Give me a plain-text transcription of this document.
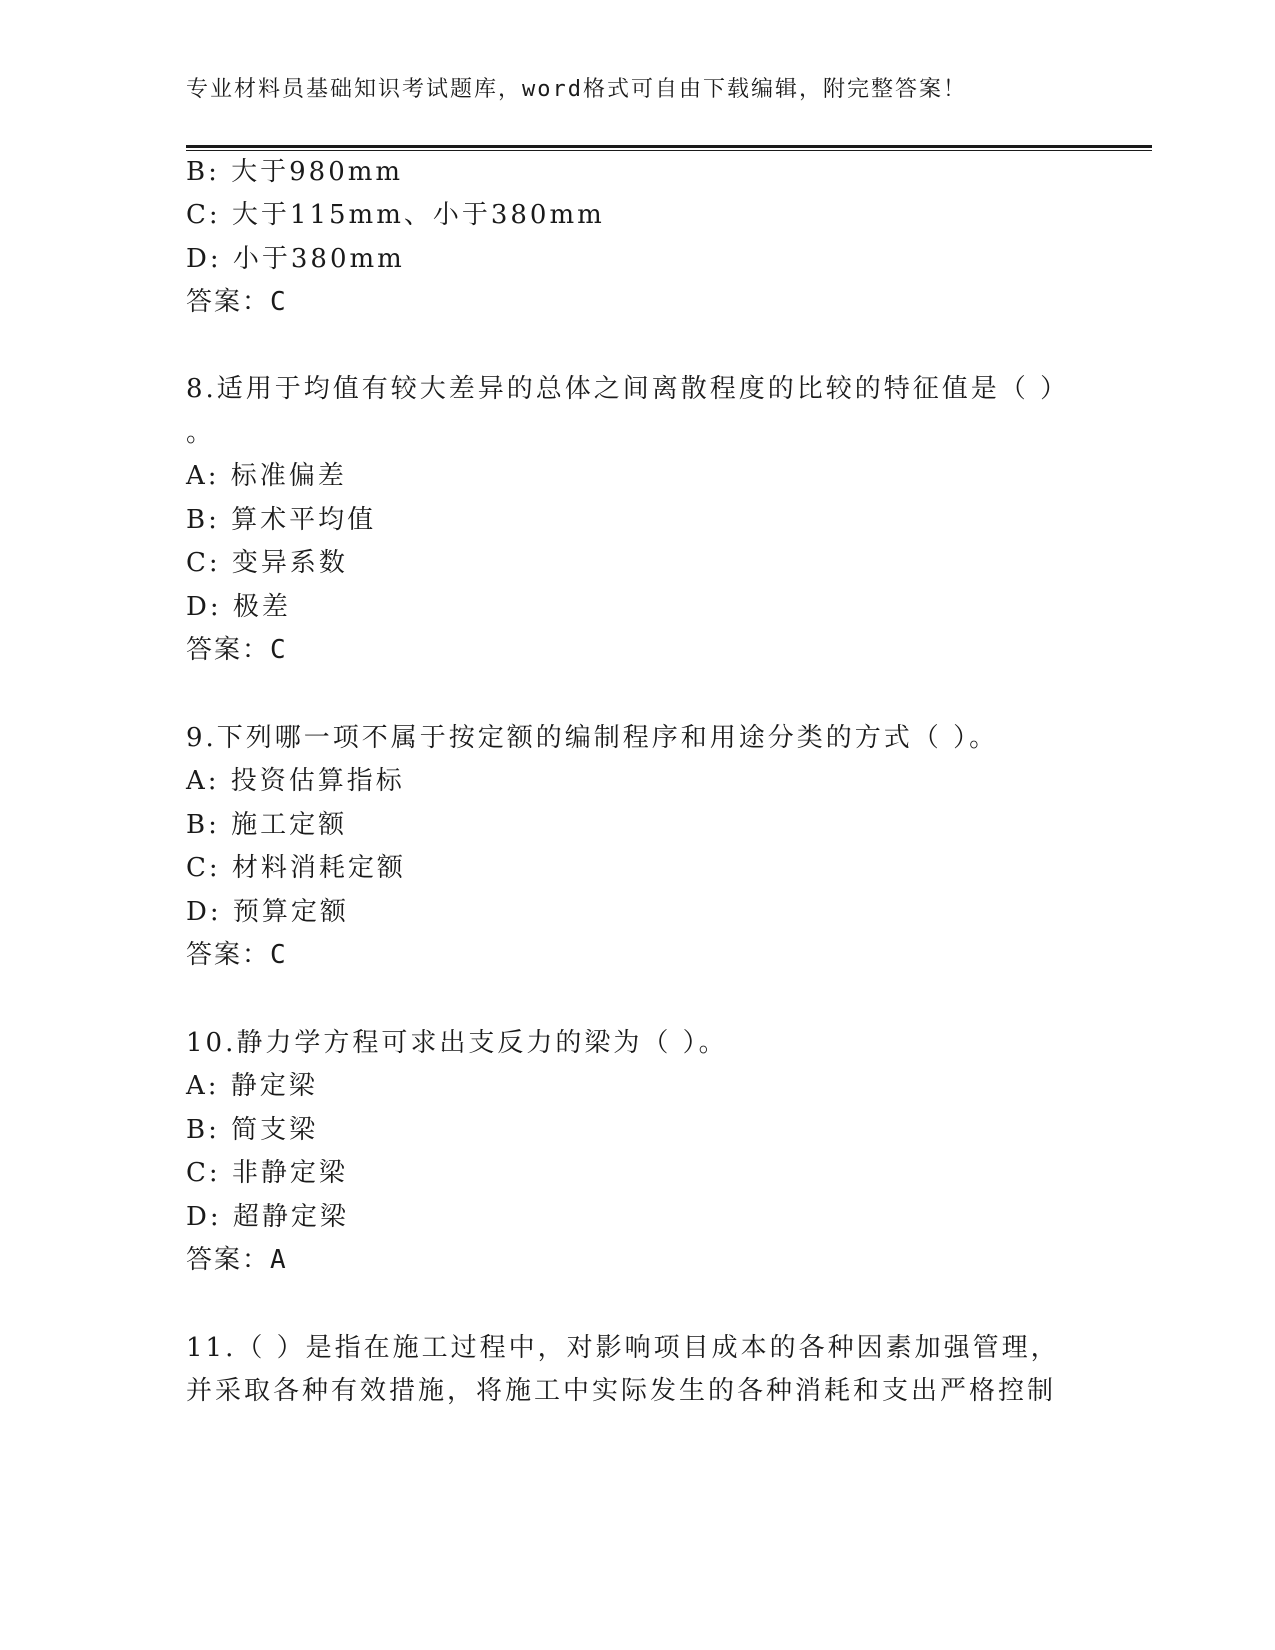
专业材料员基础知识考试题库，word格式可自由下载编辑，附完整答案！
B: 大于980mm
C: 大于115mm、小于380mm
D: 小于380mm
答案：C
8.适用于均值有较大差异的总体之间离散程度的比较的特征值是（ ）
。
A: 标准偏差
B: 算术平均值
C: 变异系数
D: 极差
答案：C
9.下列哪一项不属于按定额的编制程序和用途分类的方式（ ）。
A: 投资估算指标
B: 施工定额
C: 材料消耗定额
D: 预算定额
答案：C
10.静力学方程可求出支反力的梁为（ ）。
A: 静定梁
B: 简支梁
C: 非静定梁
D: 超静定梁
答案：A
11.（ ）是指在施工过程中，对影响项目成本的各种因素加强管理，
并采取各种有效措施，将施工中实际发生的各种消耗和支出严格控制
